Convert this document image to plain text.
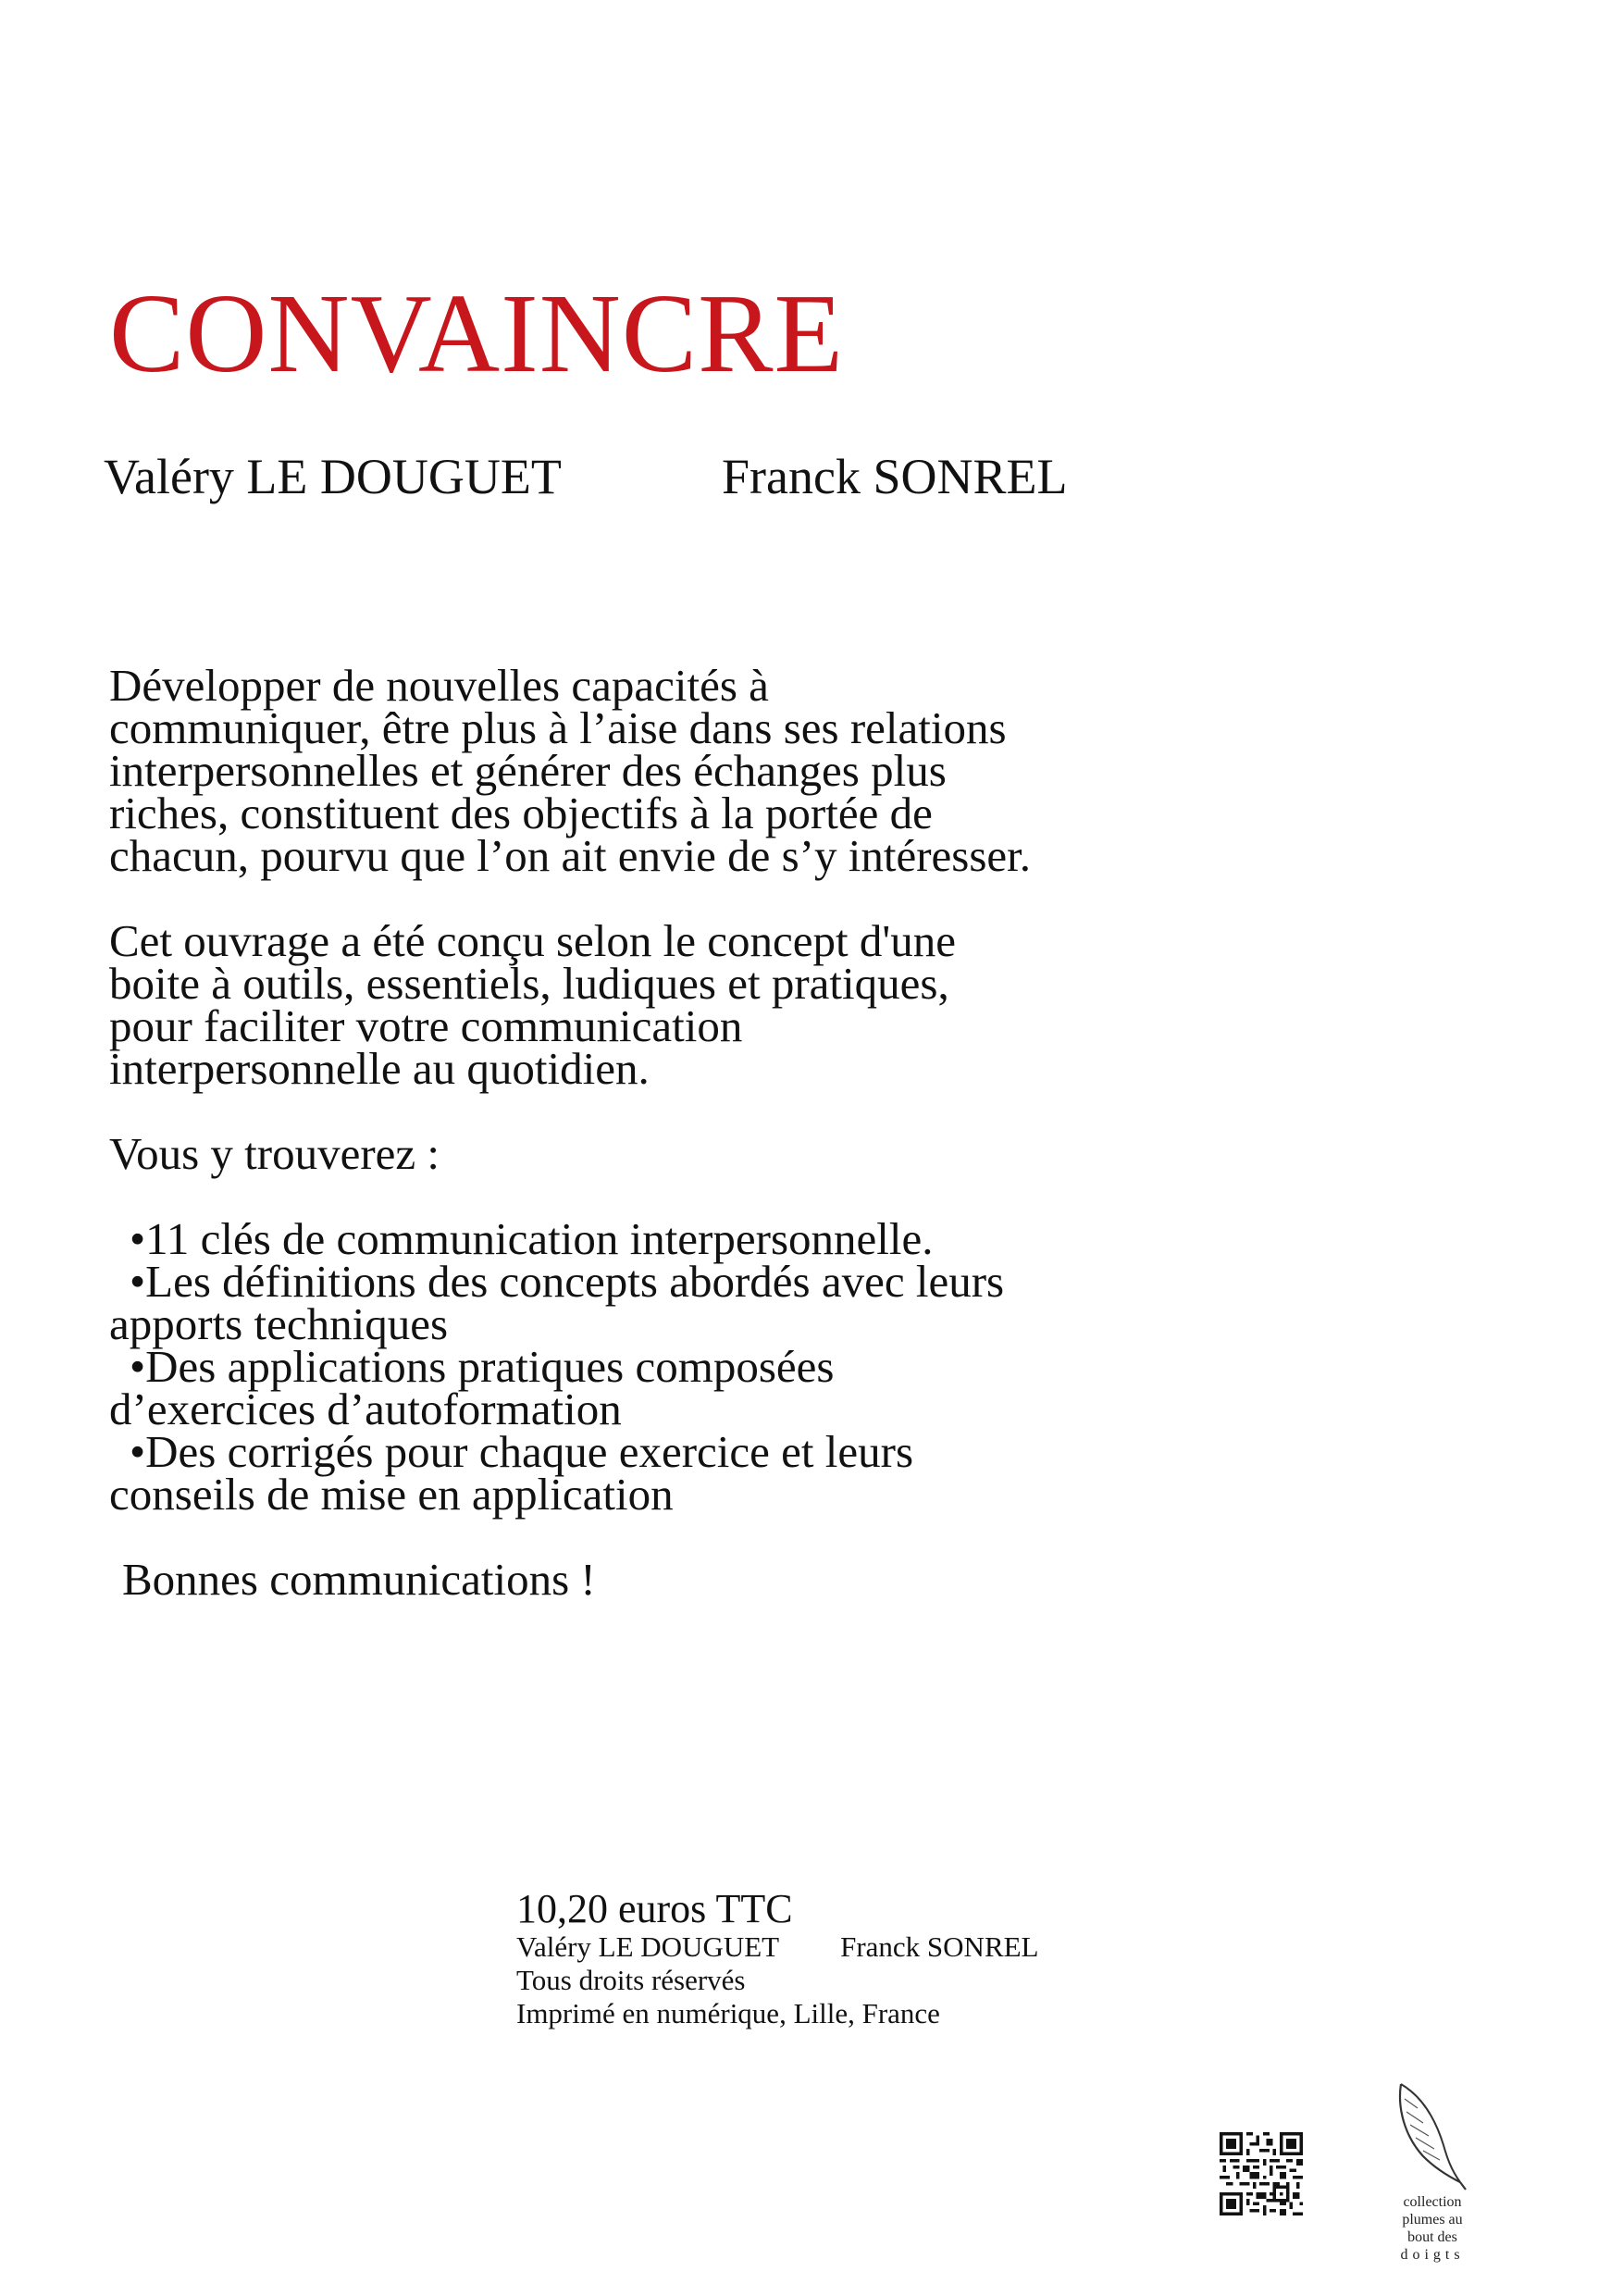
CONVAINCRE
Valéry LE DOUGUET	Franck SONREL

Développer de nouvelles capacités à

communiquer, être plus à l’aise dans ses relations

interpersonnelles et générer des échanges plus

riches, constituent des objectifs à la portée de

chacun, pourvu que l’on ait envie de s’y intéresser.

Cet ouvrage a été conçu selon le concept d'une

boite à outils, essentiels, ludiques et pratiques,

pour faciliter votre communication

interpersonnelle au quotidien.

Vous y trouverez :

•11 clés de communication interpersonnelle.

•Les définitions des concepts abordés avec leurs

apports techniques

•Des applications pratiques composées

d’exercices d’autoformation

•Des corrigés pour chaque exercice et leurs

conseils de mise en application

Bonnes communications !

10,20 euros TTC
Valéry LE DOUGUET Franck SONREL
Tous droits réservés
Imprimé en numérique, Lille, France
collection
plumes au
bout des
doigts
